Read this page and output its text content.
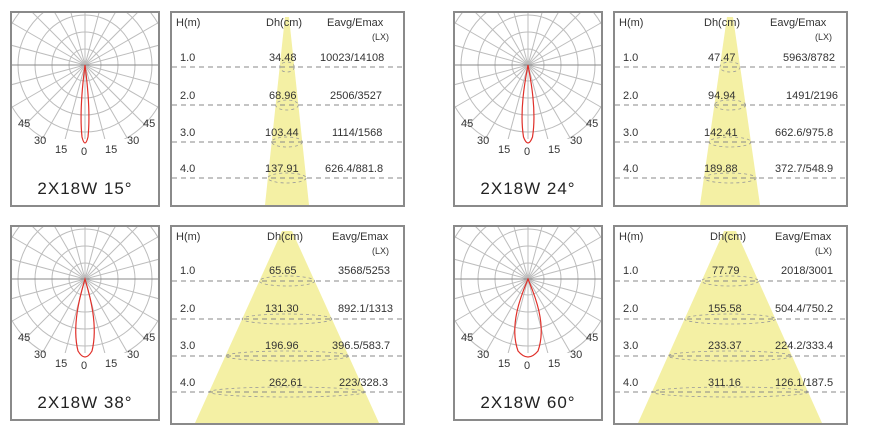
45
30
15 0 15
30
45
2X18W 15°
H(m)	Dh(cm) Eavg/Emax
(LX)
1.0	34.48 10023/14108
2.0	68.96	2506/3527
3.0	103.44	1114/1568
4.0	137.91 626.4/881.8
45
30
15 0 15
30
45
2X18W 24°
H(m)	Dh(cm)	Eavg/Emax
(LX)
1.0	47.47	5963/8782
2.0	94.94	1491/2196
3.0	142.41	662.6/975.8
4.0	189.88	372.7/548.9
45
30
15 0 15
30
45
2X18W 38°
H(m)	Dh(cm)	Eavg/Emax
(LX)
1.0	65.65	3568/5253
2.0	131.30	892.1/1313
3.0	196.96	396.5/583.7
4.0	262.61	223/328.3
45
30
15 0 15
30
45
2X18W 60°
H(m)	Dh(cm)	Eavg/Emax
(LX)
1.0	77.79	2018/3001
2.0	155.58	504.4/750.2
3.0	233.37	224.2/333.4
4.0	311.16	126.1/187.5
